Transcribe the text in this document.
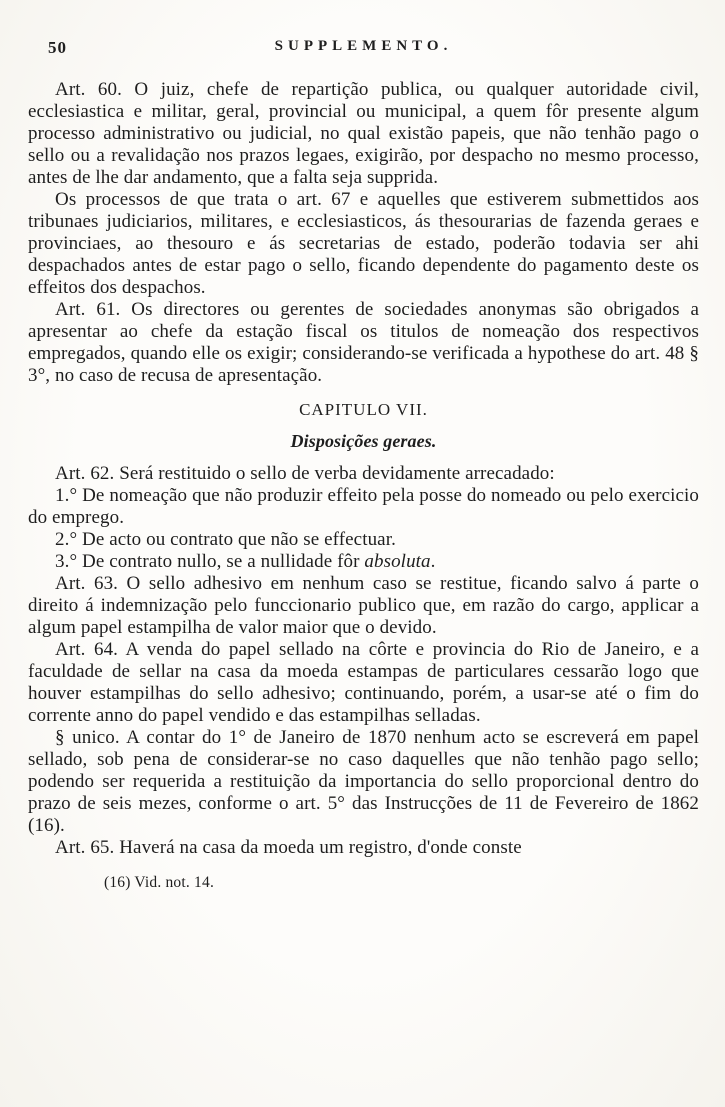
50	SUPPLEMENTO.

Art. 60. O juiz, chefe de repartição publica, ou qualquer autoridade civil, ecclesiastica e militar, geral, provincial ou municipal, a quem fôr presente algum processo administrativo ou judicial, no qual existão papeis, que não tenhão pago o sello ou a revalidação nos prazos legaes, exigirão, por despacho no mesmo processo, antes de lhe dar andamento, que a falta seja supprida.

Os processos de que trata o art. 67 e aquelles que estiverem submettidos aos tribunaes judiciarios, militares, e ecclesiasticos, ás thesourarias de fazenda geraes e provinciaes, ao thesouro e ás secretarias de estado, poderão todavia ser ahi despachados antes de estar pago o sello, ficando dependente do pagamento deste os effeitos dos despachos.

Art. 61. Os directores ou gerentes de sociedades anonymas são obrigados a apresentar ao chefe da estação fiscal os titulos de nomeação dos respectivos empregados, quando elle os exigir; considerando-se verificada a hypothese do art. 48 § 3°, no caso de recusa de apresentação.

CAPITULO VII.

Disposições geraes.

Art. 62. Será restituido o sello de verba devidamente arrecadado:

1.° De nomeação que não produzir effeito pela posse do nomeado ou pelo exercicio do emprego.

2.° De acto ou contrato que não se effectuar.

3.° De contrato nullo, se a nullidade fôr absoluta.

Art. 63. O sello adhesivo em nenhum caso se restitue, ficando salvo á parte o direito á indemnização pelo funccionario publico que, em razão do cargo, applicar a algum papel estampilha de valor maior que o devido.

Art. 64. A venda do papel sellado na côrte e provincia do Rio de Janeiro, e a faculdade de sellar na casa da moeda estampas de particulares cessarão logo que houver estampilhas do sello adhesivo; continuando, porém, a usar-se até o fim do corrente anno do papel vendido e das estampilhas selladas.

§ unico. A contar do 1° de Janeiro de 1870 nenhum acto se escreverá em papel sellado, sob pena de considerar-se no caso daquelles que não tenhão pago sello; podendo ser requerida a restituição da importancia do sello proporcional dentro do prazo de seis mezes, conforme o art. 5° das Instrucções de 11 de Fevereiro de 1862 (16).

Art. 65. Haverá na casa da moeda um registro, d'onde conste

(16) Vid. not. 14.
